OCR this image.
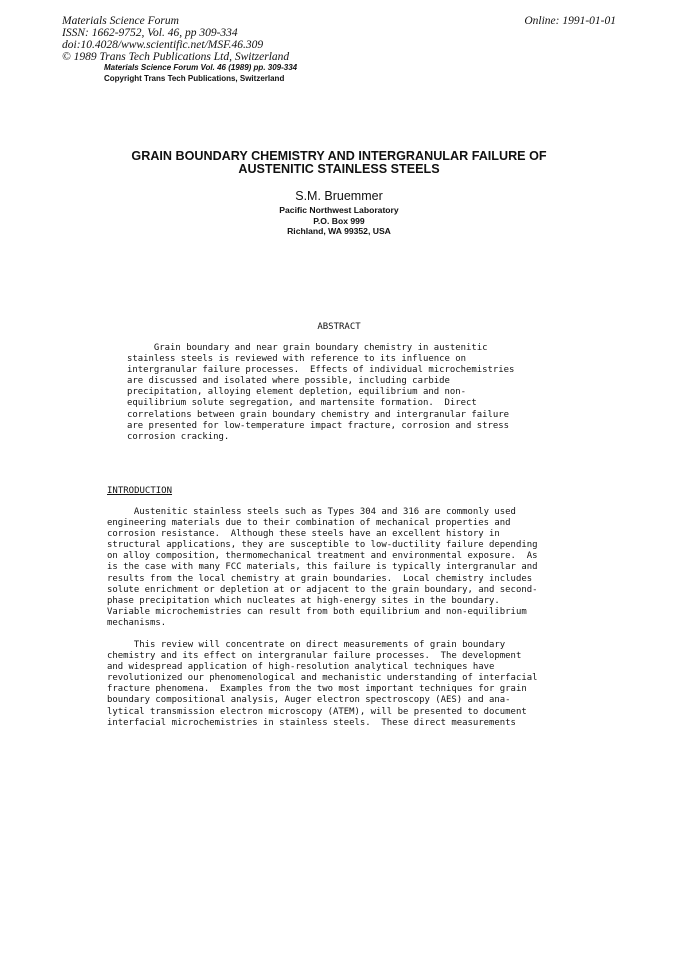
Materials Science Forum
ISSN: 1662-9752, Vol. 46, pp 309-334
doi:10.4028/www.scientific.net/MSF.46.309
© 1989 Trans Tech Publications Ltd, Switzerland
Online: 1991-01-01
Materials Science Forum Vol. 46 (1989) pp. 309-334
Copyright Trans Tech Publications, Switzerland
GRAIN BOUNDARY CHEMISTRY AND INTERGRANULAR FAILURE OF
AUSTENITIC STAINLESS STEELS
S.M. Bruemmer
Pacific Northwest Laboratory
P.O. Box 999
Richland, WA 99352, USA
ABSTRACT
Grain boundary and near grain boundary chemistry in austenitic
stainless steels is reviewed with reference to its influence on
intergranular failure processes.  Effects of individual microchemistries
are discussed and isolated where possible, including carbide
precipitation, alloying element depletion, equilibrium and non-
equilibrium solute segregation, and martensite formation.  Direct
correlations between grain boundary chemistry and intergranular failure
are presented for low-temperature impact fracture, corrosion and stress
corrosion cracking.
INTRODUCTION
Austenitic stainless steels such as Types 304 and 316 are commonly used
engineering materials due to their combination of mechanical properties and
corrosion resistance.  Although these steels have an excellent history in
structural applications, they are susceptible to low-ductility failure depending
on alloy composition, thermomechanical treatment and environmental exposure.  As
is the case with many FCC materials, this failure is typically intergranular and
results from the local chemistry at grain boundaries.  Local chemistry includes
solute enrichment or depletion at or adjacent to the grain boundary, and second-
phase precipitation which nucleates at high-energy sites in the boundary.
Variable microchemistries can result from both equilibrium and non-equilibrium
mechanisms.
This review will concentrate on direct measurements of grain boundary
chemistry and its effect on intergranular failure processes.  The development
and widespread application of high-resolution analytical techniques have
revolutionized our phenomenological and mechanistic understanding of interfacial
fracture phenomena.  Examples from the two most important techniques for grain
boundary compositional analysis, Auger electron spectroscopy (AES) and ana-
lytical transmission electron microscopy (ATEM), will be presented to document
interfacial microchemistries in stainless steels.  These direct measurements
